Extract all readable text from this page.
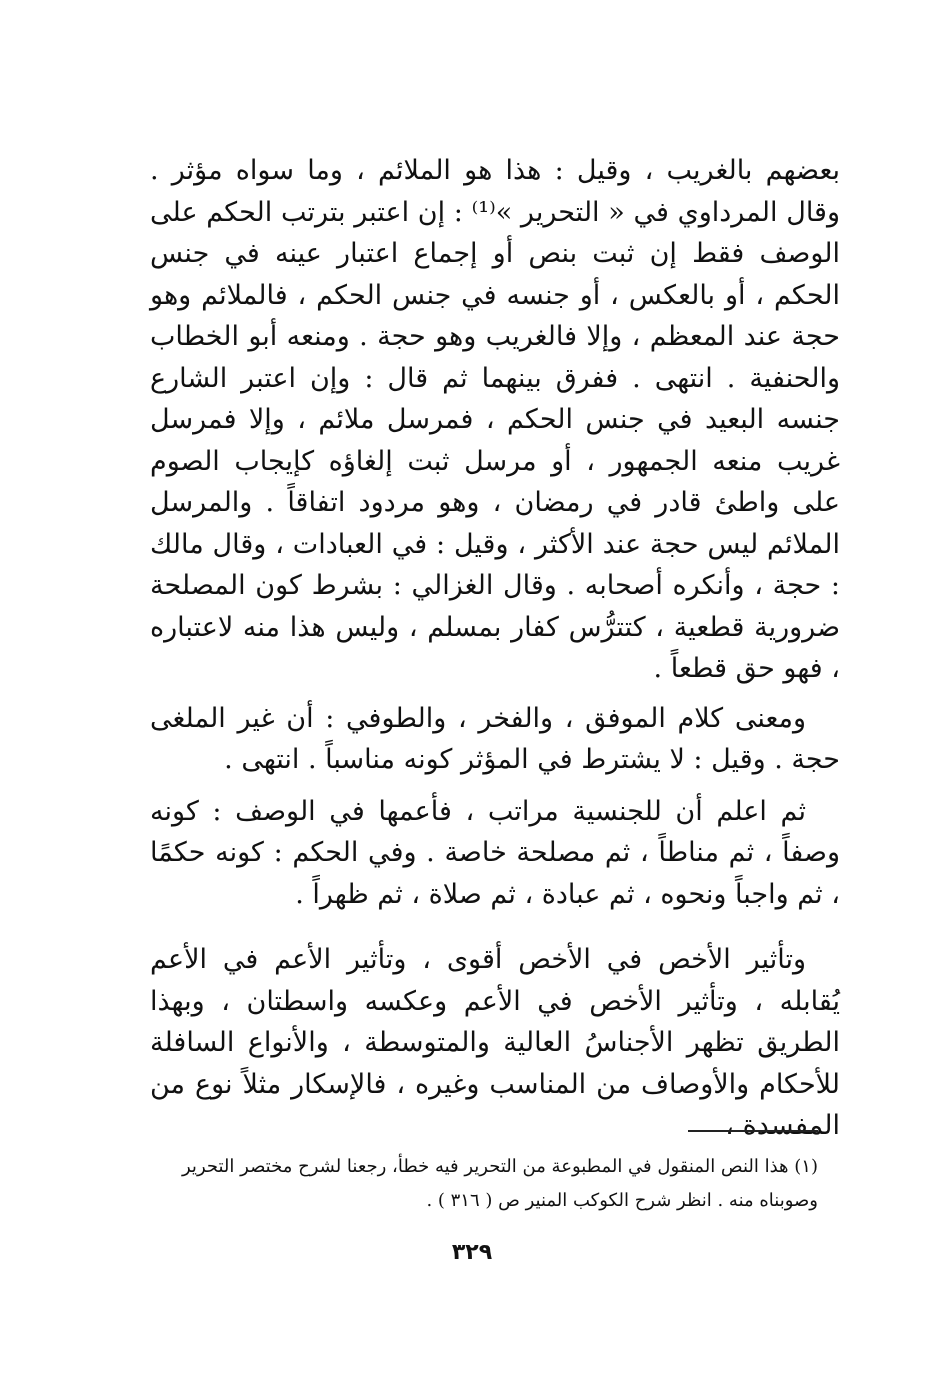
بعضهم بالغريب ، وقيل : هذا هو الملائم ، وما سواه مؤثر . وقال المرداوي في « التحرير »⁽¹⁾ : إن اعتبر بترتب الحكم على الوصف فقط إن ثبت بنص أو إجماع اعتبار عينه في جنس الحكم ، أو بالعكس ، أو جنسه في جنس الحكم ، فالملائم وهو حجة عند المعظم ، وإلا فالغريب وهو حجة . ومنعه أبو الخطاب والحنفية . انتهى . ففرق بينهما ثم قال : وإن اعتبر الشارع جنسه البعيد في جنس الحكم ، فمرسل ملائم ، وإلا فمرسل غريب منعه الجمهور ، أو مرسل ثبت إلغاؤه كإيجاب الصوم على واطئ قادر في رمضان ، وهو مردود اتفاقاً . والمرسل الملائم ليس حجة عند الأكثر ، وقيل : في العبادات ، وقال مالك : حجة ، وأنكره أصحابه . وقال الغزالي : بشرط كون المصلحة ضرورية قطعية ، كتترُّس كفار بمسلم ، وليس هذا منه لاعتباره ، فهو حق قطعاً .

ومعنى كلام الموفق ، والفخر ، والطوفي : أن غير الملغى حجة . وقيل : لا يشترط في المؤثر كونه مناسباً . انتهى .

ثم اعلم أن للجنسية مراتب ، فأعمها في الوصف : كونه وصفاً ، ثم مناطاً ، ثم مصلحة خاصة . وفي الحكم : كونه حكمًا ، ثم واجباً ونحوه ، ثم عبادة ، ثم صلاة ، ثم ظهراً .

وتأثير الأخص في الأخص أقوى ، وتأثير الأعم في الأعم يُقابله ، وتأثير الأخص في الأعم وعكسه واسطتان ، وبهذا الطريق تظهر الأجناسُ العالية والمتوسطة ، والأنواع السافلة للأحكام والأوصاف من المناسب وغيره ، فالإسكار مثلاً نوع من المفسدة ،

(١) هذا النص المنقول في المطبوعة من التحرير فيه خطأ، رجعنا لشرح مختصر التحرير وصوبناه منه . انظر شرح الكوكب المنير ص ( ٣١٦ ) .

٣٢٩
